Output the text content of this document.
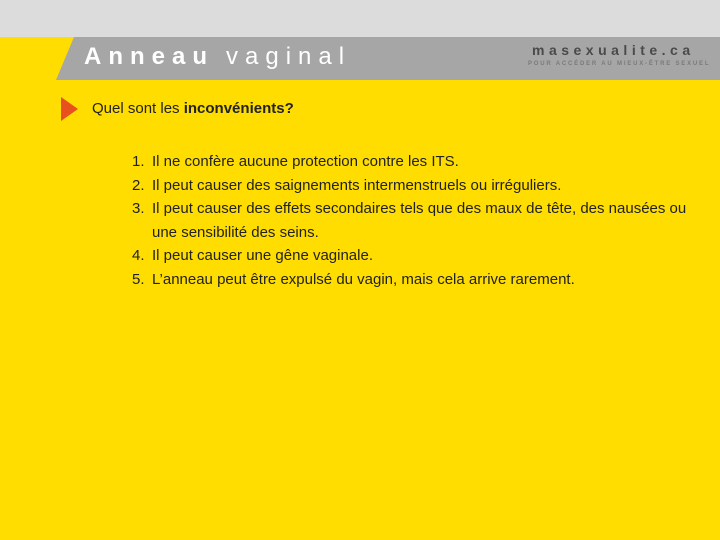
Anneau vaginal	masexualite.ca
POUR ACCÉDER AU MIEUX-ÊTRE SEXUEL
Quel sont les inconvénients?
1. Il ne confère aucune protection contre les ITS.
2. Il peut causer des saignements intermenstruels ou irréguliers.
3. Il peut causer des effets secondaires tels que des maux de tête, des nausées ou une sensibilité des seins.
4. Il peut causer une gêne vaginale.
5. L’anneau peut être expulsé du vagin, mais cela arrive rarement.
